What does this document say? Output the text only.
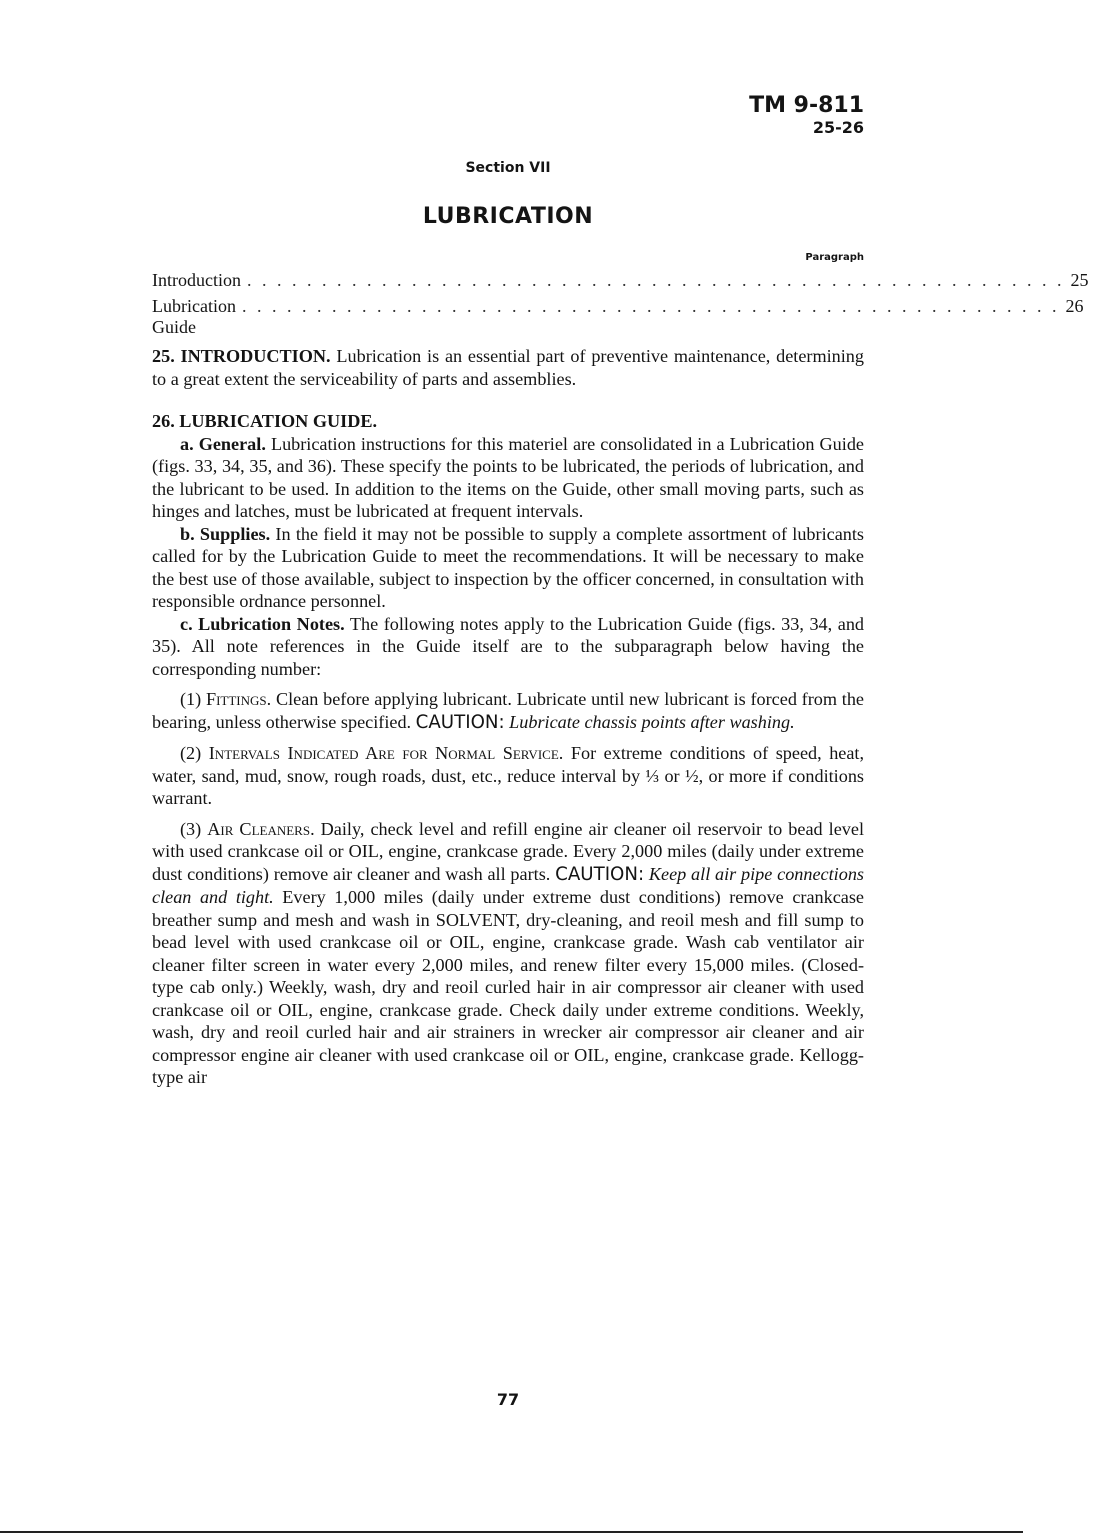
TM 9-811
25-26
Section VII
LUBRICATION
Paragraph
Introduction . . . . . . . . . . . . . . . . . . . . . . . . . . . . . . . . . . . . . . . . . . . . . . . . . . . . . . . 25
Lubrication Guide
. . . . . . . . . . . . . . . . . . . . . . . . . . . . . . . . . . . . . . . . . . . . . . . . . . . . . . . 26

25. INTRODUCTION. Lubrication is an essential part of preventive maintenance, determining to a great extent the serviceability of parts and assemblies.

26. LUBRICATION GUIDE.

a. General. Lubrication instructions for this materiel are consolidated in a Lubrication Guide (figs. 33, 34, 35, and 36). These specify the points to be lubricated, the periods of lubrication, and the lubricant to be used. In addition to the items on the Guide, other small moving parts, such as hinges and latches, must be lubricated at frequent intervals.

b. Supplies. In the field it may not be possible to supply a complete assortment of lubricants called for by the Lubrication Guide to meet the recommendations. It will be necessary to make the best use of those available, subject to inspection by the officer concerned, in consultation with responsible ordnance personnel.

c. Lubrication Notes. The following notes apply to the Lubrication Guide (figs. 33, 34, and 35). All note references in the Guide itself are to the subparagraph below having the corresponding number:

(1) Fittings. Clean before applying lubricant. Lubricate until new lubricant is forced from the bearing, unless otherwise specified. CAUTION: Lubricate chassis points after washing.

(2) Intervals Indicated Are for Normal Service. For extreme conditions of speed, heat, water, sand, mud, snow, rough roads, dust, etc., reduce interval by ⅓ or ½, or more if conditions warrant.

(3) Air Cleaners. Daily, check level and refill engine air cleaner oil reservoir to bead level with used crankcase oil or OIL, engine, crankcase grade. Every 2,000 miles (daily under extreme dust conditions) remove air cleaner and wash all parts. CAUTION: Keep all air pipe connections clean and tight. Every 1,000 miles (daily under extreme dust conditions) remove crankcase breather sump and mesh and wash in SOLVENT, dry-cleaning, and reoil mesh and fill sump to bead level with used crankcase oil or OIL, engine, crankcase grade. Wash cab ventilator air cleaner filter screen in water every 2,000 miles, and renew filter every 15,000 miles. (Closed-type cab only.) Weekly, wash, dry and reoil curled hair in air compressor air cleaner with used crankcase oil or OIL, engine, crankcase grade. Check daily under extreme conditions. Weekly, wash, dry and reoil curled hair and air strainers in wrecker air compressor air cleaner and air compressor engine air cleaner with used crankcase oil or OIL, engine, crankcase grade. Kellogg-type air

77
